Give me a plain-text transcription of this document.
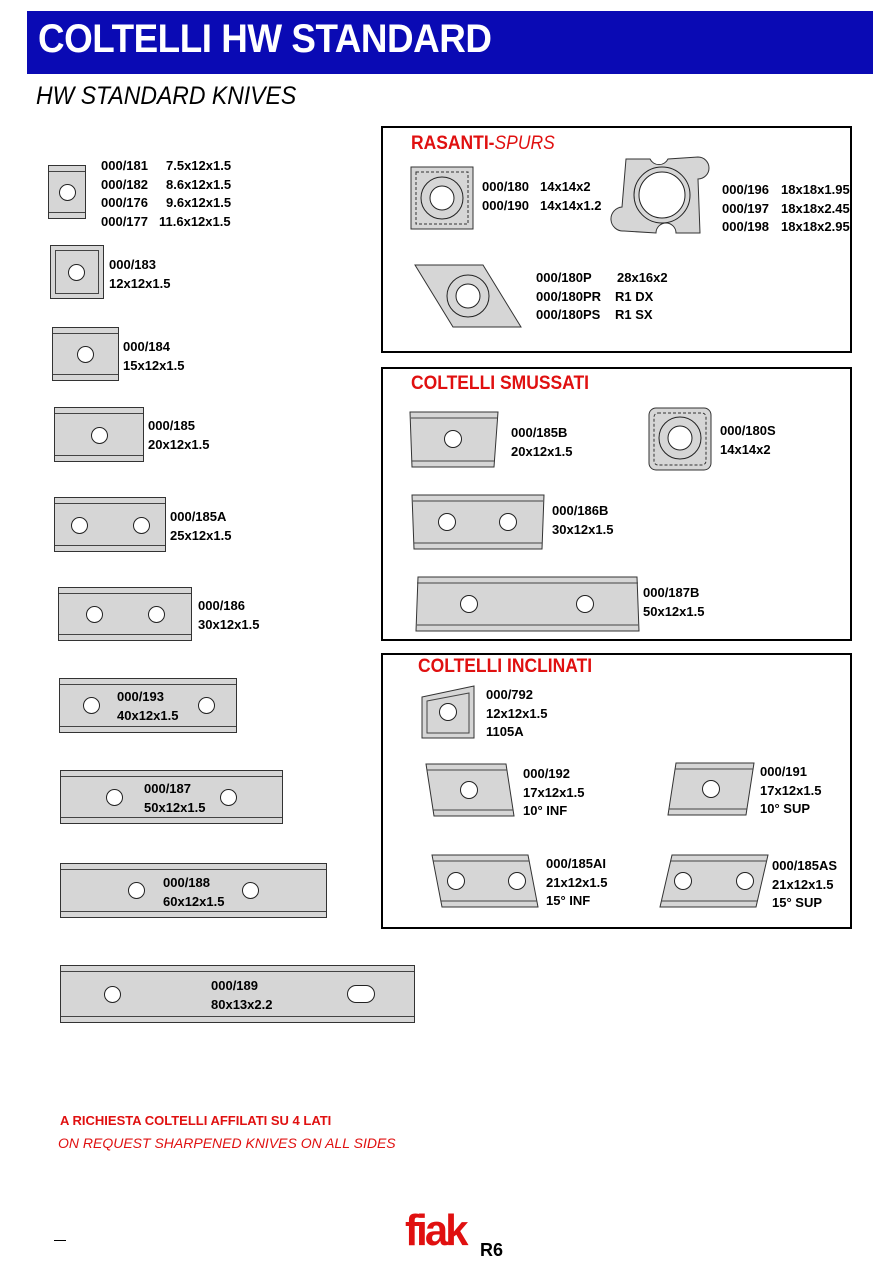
COLTELLI HW STANDARD
HW STANDARD KNIVES
000/181 7.5x12x1.5
000/182 8.6x12x1.5
000/176 9.6x12x1.5
000/177 11.6x12x1.5
000/183
12x12x1.5
000/184
15x12x1.5
000/185
20x12x1.5
000/185A
25x12x1.5
000/186
30x12x1.5
000/193
40x12x1.5
000/187
50x12x1.5
000/188
60x12x1.5
000/189
80x13x2.2
RASANTI-SPURS
000/180 14x14x2
000/190 14x14x1.2
000/196 18x18x1.95
000/197 18x18x2.45
000/198 18x18x2.95
000/180P 28x16x2
000/180PR R1 DX
000/180PS R1 SX
COLTELLI SMUSSATI
000/185B
20x12x1.5
000/180S
14x14x2
000/186B
30x12x1.5
000/187B
50x12x1.5
COLTELLI INCLINATI
000/792
12x12x1.5
1105A
000/192
17x12x1.5
10° INF
000/191
17x12x1.5
10° SUP
000/185AI
21x12x1.5
15° INF
000/185AS
21x12x1.5
15° SUP
A RICHIESTA COLTELLI AFFILATI SU 4 LATI
ON REQUEST SHARPENED KNIVES ON ALL SIDES
fiak R6
